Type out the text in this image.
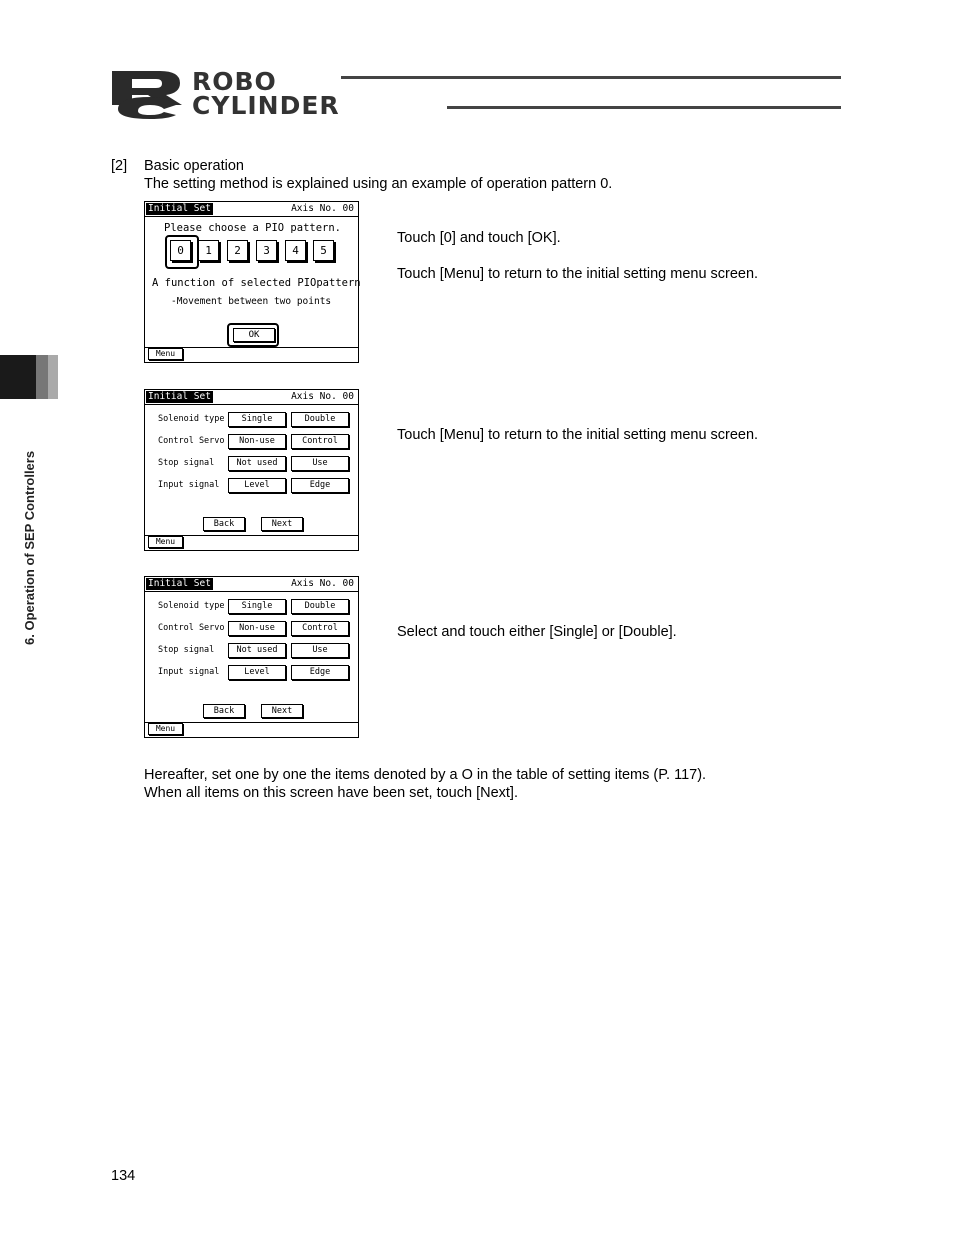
ROBO
CYLINDER
6. Operation of SEP Controllers
[2] Basic operation
The setting method is explained using an example of operation pattern 0.
Initial Set	Axis No. 00
Please choose a PIO pattern.
0	1	2	3	4	5
A function of selected PIOpattern
-Movement between two points
OK
Menu
Touch [0] and touch [OK].
Touch [Menu] to return to the initial setting menu screen.
Initial Set	Axis No. 00
Solenoid type	Single	Double
Control Servo	Non-use	Control
Stop signal	Not used	Use
Input signal	Level	Edge
Back	Next
Menu
Touch [Menu] to return to the initial setting menu screen.
Initial Set	Axis No. 00
Solenoid type	Single	Double
Control Servo	Non-use	Control
Stop signal	Not used	Use
Input signal	Level	Edge
Back	Next
Menu
Select and touch either [Single] or [Double].
Hereafter, set one by one the items denoted by a O in the table of setting items (P. 117).
When all items on this screen have been set, touch [Next].
134
